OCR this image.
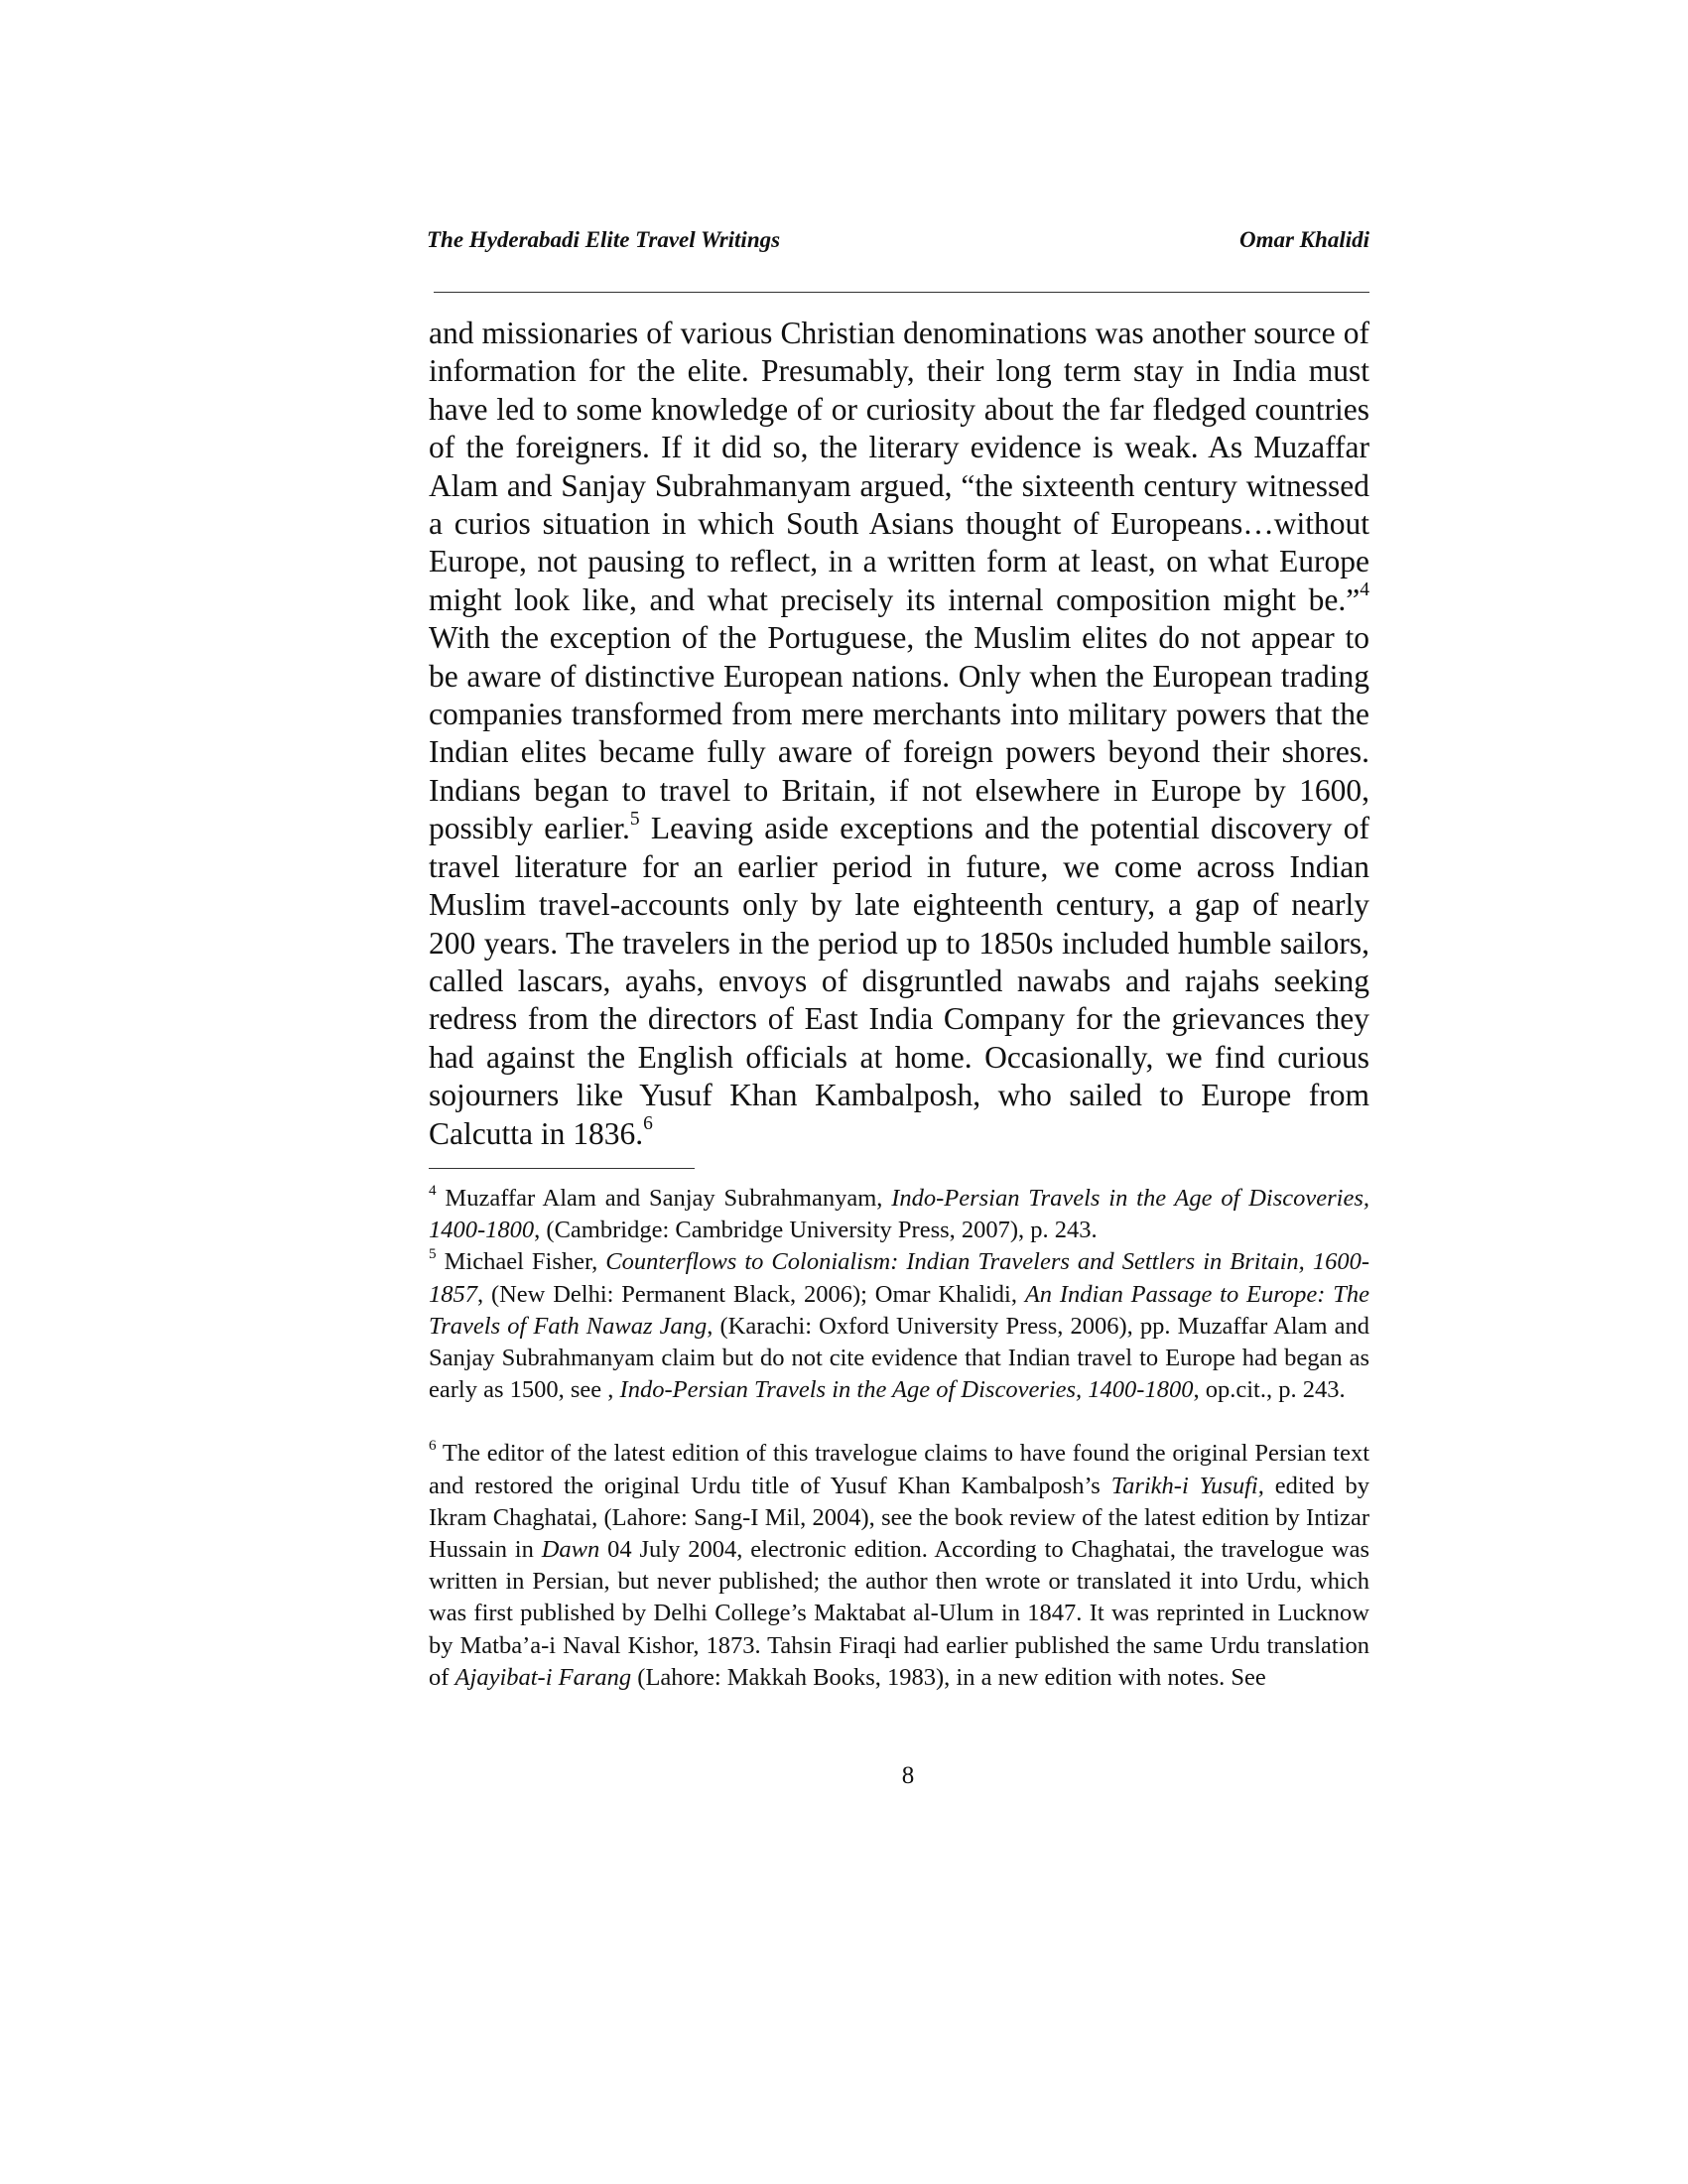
The Hyderabadi Elite Travel Writings	Omar Khalidi

and missionaries of various Christian denominations was another source of information for the elite. Presumably, their long term stay in India must have led to some knowledge of or curiosity about the far fledged countries of the foreigners. If it did so, the literary evidence is weak. As Muzaffar Alam and Sanjay Subrahmanyam argued, “the sixteenth century witnessed a curios situation in which South Asians thought of Europeans…without Europe, not pausing to reflect, in a written form at least, on what Europe might look like, and what precisely its internal composition might be.”$^4$ With the exception of the Portuguese, the Muslim elites do not appear to be aware of distinctive European nations. Only when the European trading companies transformed from mere merchants into military powers that the Indian elites became fully aware of foreign powers beyond their shores. Indians began to travel to Britain, if not elsewhere in Europe by 1600, possibly earlier.$^5$ Leaving aside exceptions and the potential discovery of travel literature for an earlier period in future, we come across Indian Muslim travel-accounts only by late eighteenth century, a gap of nearly 200 years. The travelers in the period up to 1850s included humble sailors, called lascars, ayahs, envoys of disgruntled nawabs and rajahs seeking redress from the directors of East India Company for the grievances they had against the English officials at home. Occasionally, we find curious sojourners like Yusuf Khan Kambalposh, who sailed to Europe from Calcutta in 1836.$^6$

$^4$ Muzaffar Alam and Sanjay Subrahmanyam, Indo-Persian Travels in the Age of Discoveries, 1400-1800, (Cambridge: Cambridge University Press, 2007), p. 243.

$^5$ Michael Fisher, Counterflows to Colonialism: Indian Travelers and Settlers in Britain, 1600-1857, (New Delhi: Permanent Black, 2006); Omar Khalidi, An Indian Passage to Europe: The Travels of Fath Nawaz Jang, (Karachi: Oxford University Press, 2006), pp. Muzaffar Alam and Sanjay Subrahmanyam claim but do not cite evidence that Indian travel to Europe had began as early as 1500, see , Indo-Persian Travels in the Age of Discoveries, 1400-1800, op.cit., p. 243.

$^6$ The editor of the latest edition of this travelogue claims to have found the original Persian text and restored the original Urdu title of Yusuf Khan Kambalposh’s Tarikh-i Yusufi, edited by Ikram Chaghatai, (Lahore: Sang-I Mil, 2004), see the book review of the latest edition by Intizar Hussain in Dawn 04 July 2004, electronic edition. According to Chaghatai, the travelogue was written in Persian, but never published; the author then wrote or translated it into Urdu, which was first published by Delhi College’s Maktabat al-Ulum in 1847. It was reprinted in Lucknow by Matba’a-i Naval Kishor, 1873. Tahsin Firaqi had earlier published the same Urdu translation of Ajayibat-i Farang (Lahore: Makkah Books, 1983), in a new edition with notes. See

8
